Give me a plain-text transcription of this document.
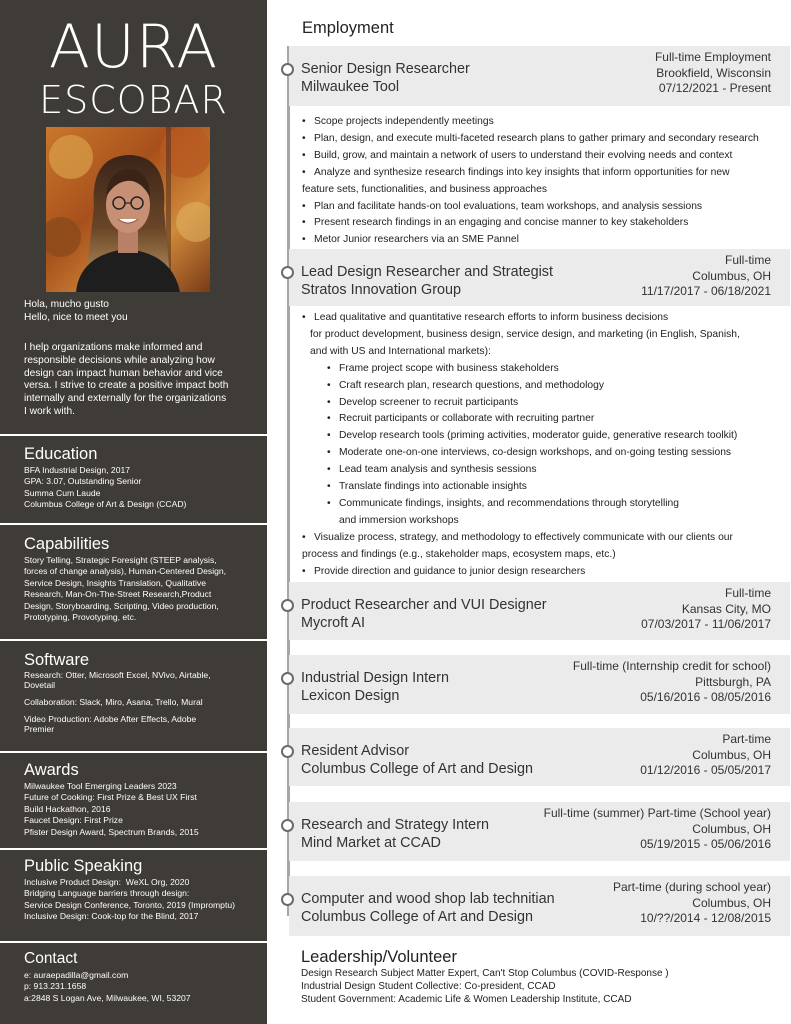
AURA
ESCOBAR
Hola, mucho gusto
Hello, nice to meet you
I help organizations make informed and
responsible decisions while analyzing how
design can impact human behavior and vice
versa. I strive to create a positive impact both
internally and externally for the organizations
I work with.
Education
BFA Industrial Design, 2017
GPA: 3.07, Outstanding Senior
Summa Cum Laude
Columbus College of Art & Design (CCAD)
Capabilities
Story Telling, Strategic Foresight (STEEP analysis,
forces of change analysis), Human-Centered Design,
Service Design, Insights Translation, Qualitative
Research, Man-On-The-Street Research,Product
Design, Storyboarding, Scripting, Video production,
Prototyping, Provotyping, etc.
Software
Research: Otter, Microsoft Excel, NVivo, Airtable,
Dovetail
Collaboration: Slack, Miro, Asana, Trello, Mural
Video Production: Adobe After Effects, Adobe
Premier
Awards
Milwaukee Tool Emerging Leaders 2023
Future of Cooking: First Prize & Best UX First
Build Hackathon, 2016
Faucet Design: First Prize
Pfister Design Award, Spectrum Brands, 2015
Public Speaking
Inclusive Product Design:  WeXL Org, 2020
Bridging Language barriers through design:
Service Design Conference, Toronto, 2019 (Impromptu)
Inclusive Design: Cook-top for the Blind, 2017
Contact
e: auraepadilla@gmail.com
p: 913.231.1658
a:2848 S Logan Ave, Milwaukee, WI, 53207
Employment
Senior Design Researcher
Milwaukee Tool
Full-time Employment
Brookfield, Wisconsin
07/12/2021 - Present
• Scope projects independently meetings
• Plan, design, and execute multi-faceted research plans to gather primary and secondary research
• Build, grow, and maintain a network of users to understand their evolving needs and context
• Analyze and synthesize research findings into key insights that inform opportunities for new
feature sets, functionalities, and business approaches
• Plan and facilitate hands-on tool evaluations, team workshops, and analysis sessions
• Present research findings in an engaging and concise manner to key stakeholders
• Metor Junior researchers via an SME Pannel
Lead Design Researcher and Strategist
Stratos Innovation Group
Full-time
Columbus, OH
11/17/2017 - 06/18/2021
• Lead qualitative and quantitative research efforts to inform business decisions
for product development, business design, service design, and marketing (in English, Spanish,
and with US and International markets):
• Frame project scope with business stakeholders
• Craft research plan, research questions, and methodology
• Develop screener to recruit participants
• Recruit participants or collaborate with recruiting partner
• Develop research tools (priming activities, moderator guide, generative research toolkit)
• Moderate one-on-one interviews, co-design workshops, and on-going testing sessions
• Lead team analysis and synthesis sessions
• Translate findings into actionable insights
• Communicate findings, insights, and recommendations through storytelling
and immersion workshops
• Visualize process, strategy, and methodology to effectively communicate with our clients our
process and findings (e.g., stakeholder maps, ecosystem maps, etc.)
• Provide direction and guidance to junior design researchers
Product Researcher and VUI Designer
Mycroft AI
Full-time
Kansas City, MO
07/03/2017 - 11/06/2017
Industrial Design Intern
Lexicon Design
Full-time (Internship credit for school)
Pittsburgh, PA
05/16/2016 - 08/05/2016
Resident Advisor
Columbus College of Art and Design
Part-time
Columbus, OH
01/12/2016 - 05/05/2017
Research and Strategy Intern
Mind Market at CCAD
Full-time (summer) Part-time (School year)
Columbus, OH
05/19/2015 - 05/06/2016
Computer and wood shop lab technitian
Columbus College of Art and Design
Part-time (during school year)
Columbus, OH
10/??/2014 - 12/08/2015
Leadership/Volunteer
Design Research Subject Matter Expert, Can't Stop Columbus (COVID-Response )
Industrial Design Student Collective: Co-president, CCAD
Student Government: Academic Life & Women Leadership Institute, CCAD
